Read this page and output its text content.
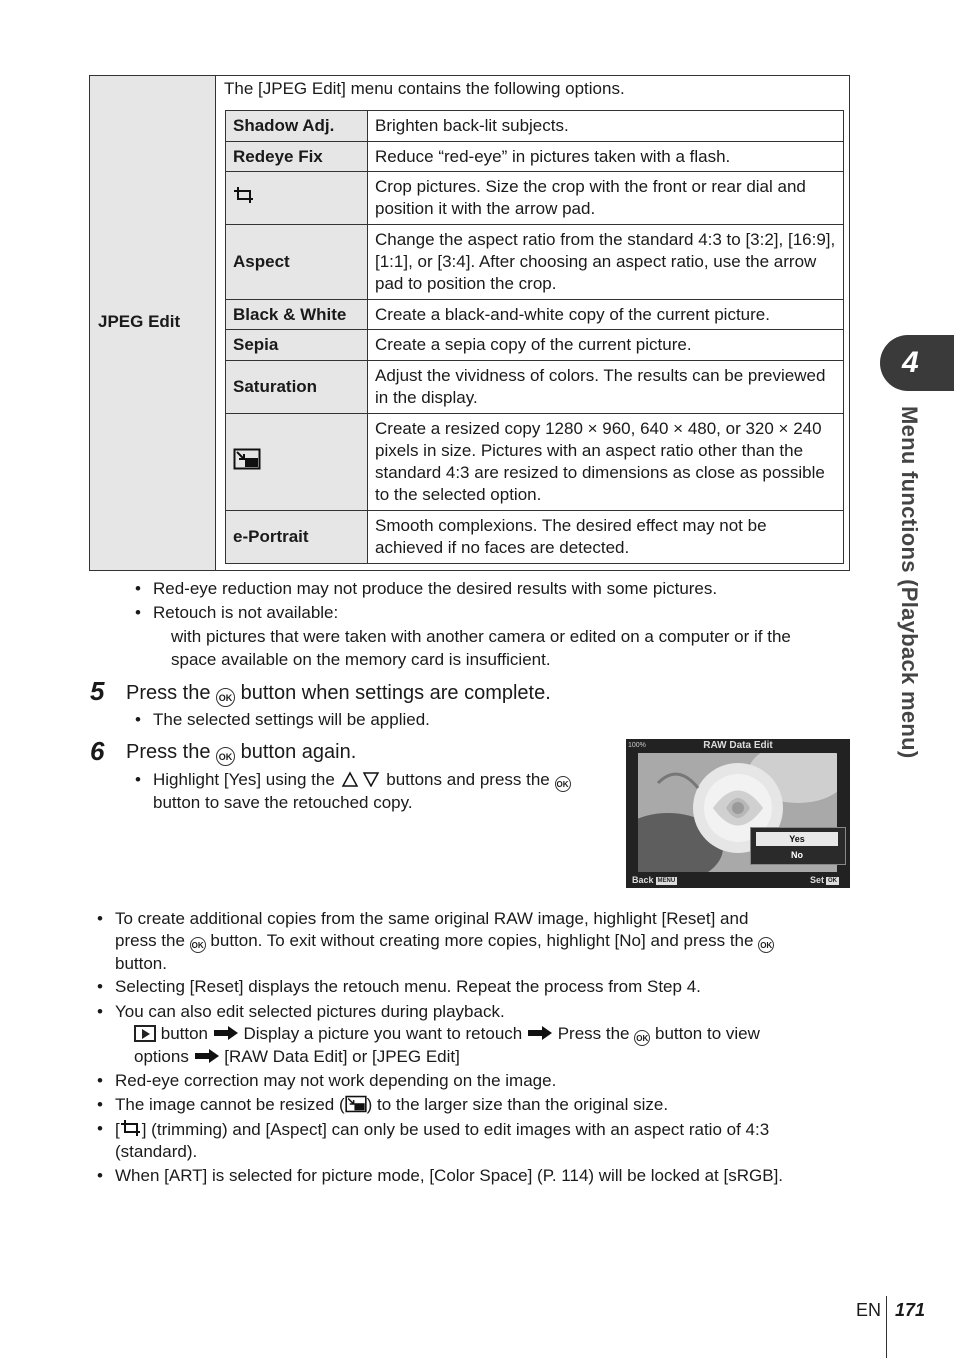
JPEG Edit
The [JPEG Edit] menu contains the following options.
Shadow Adj.	Brighten back-lit subjects.
Redeye Fix	Reduce “red-eye” in pictures taken with a flash.
	Crop pictures. Size the crop with the front or rear dial and position it with the arrow pad.
Aspect	Change the aspect ratio from the standard 4:3 to [3:2], [16:9], [1:1], or [3:4]. After choosing an aspect ratio, use the arrow pad to position the crop.
Black & White	Create a black-and-white copy of the current picture.
Sepia	Create a sepia copy of the current picture.
Saturation	Adjust the vividness of colors. The results can be previewed in the display.
	Create a resized copy 1280 × 960, 640 × 480, or 320 × 240 pixels in size. Pictures with an aspect ratio other than the standard 4:3 are resized to dimensions as close as possible to the selected option.
e-Portrait	Smooth complexions. The desired effect may not be achieved if no faces are detected.
• Red-eye reduction may not produce the desired results with some pictures.
• Retouch is not available:
with pictures that were taken with another camera or edited on a computer or if the
space available on the memory card is insufficient.
5 Press the OK button when settings are complete.
• The selected settings will be applied.
6 Press the OK button again.
• Highlight [Yes] using the	buttons and press the OK
button to save the retouched copy.
100%	RAW Data Edit
Yes
No
Back MENU	Set OK
• To create additional copies from the same original RAW image, highlight [Reset] and
press the OK button. To exit without creating more copies, highlight [No] and press the OK
button.
• Selecting [Reset] displays the retouch menu. Repeat the process from Step 4.
• You can also edit selected pictures during playback.
button Display a picture you want to retouch Press the OK button to view
options [RAW Data Edit] or [JPEG Edit]
• Red-eye correction may not work depending on the image.
• The image cannot be resized ( ) to the larger size than the original size.
• [ ] (trimming) and [Aspect] can only be used to edit images with an aspect ratio of 4:3
(standard).
• When [ART] is selected for picture mode, [Color Space] (P. 114) will be locked at [sRGB].
4
Menu functions (Playback menu)
EN 171
